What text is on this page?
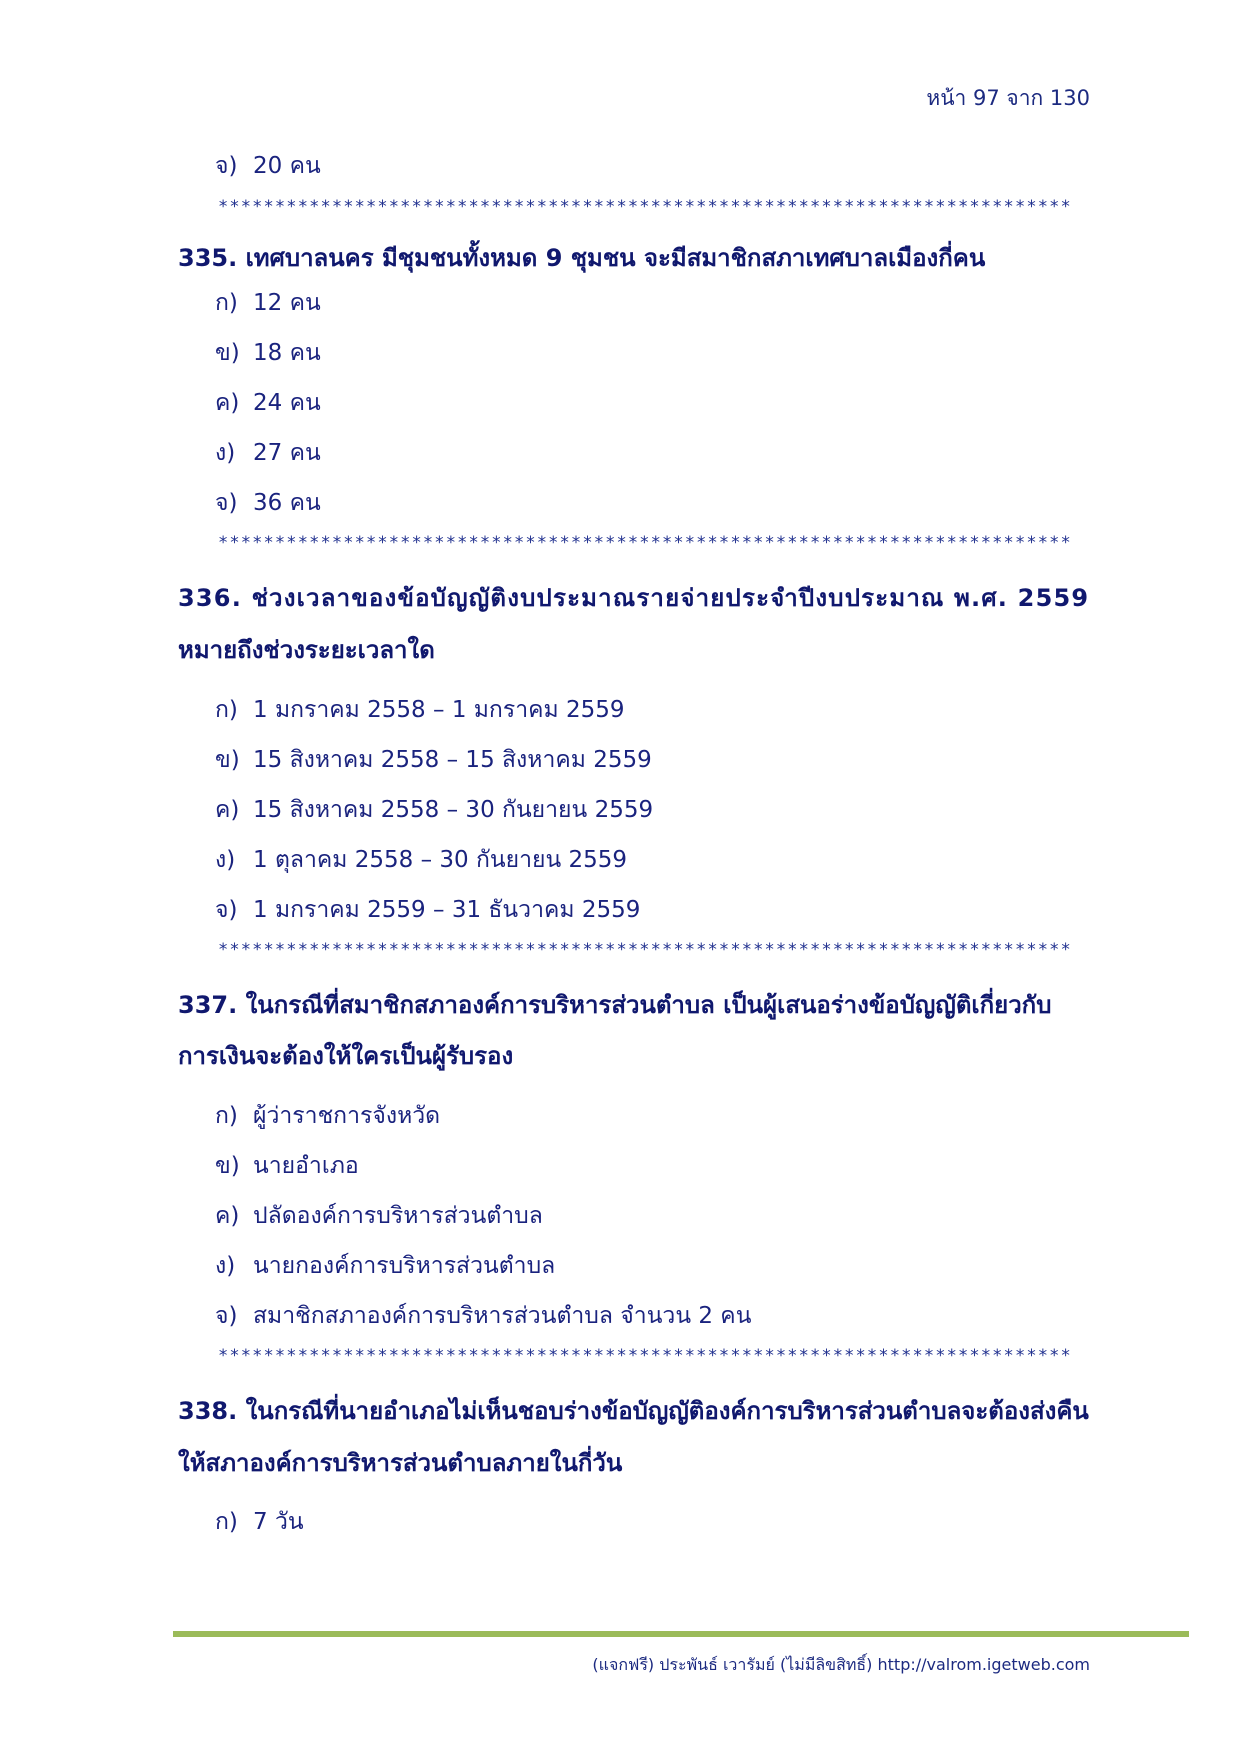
หน้า 97 จาก 130
จ) 20 คน
***************************************************************************
335. เทศบาลนคร มีชุมชนทั้งหมด 9 ชุมชน จะมีสมาชิกสภาเทศบาลเมืองกี่คน
ก) 12 คน
ข) 18 คน
ค) 24 คน
ง) 27 คน
จ) 36 คน
***************************************************************************
336. ช่วงเวลาของข้อบัญญัติงบประมาณรายจ่ายประจำปีงบประมาณ พ.ศ. 2559
หมายถึงช่วงระยะเวลาใด
ก) 1 มกราคม 2558 – 1 มกราคม 2559
ข) 15 สิงหาคม 2558 – 15 สิงหาคม 2559
ค) 15 สิงหาคม 2558 – 30 กันยายน 2559
ง) 1 ตุลาคม 2558 – 30 กันยายน 2559
จ) 1 มกราคม 2559 – 31 ธันวาคม 2559
***************************************************************************
337. ในกรณีที่สมาชิกสภาองค์การบริหารส่วนตำบล เป็นผู้เสนอร่างข้อบัญญัติเกี่ยวกับ
การเงินจะต้องให้ใครเป็นผู้รับรอง
ก) ผู้ว่าราชการจังหวัด
ข) นายอำเภอ
ค) ปลัดองค์การบริหารส่วนตำบล
ง) นายกองค์การบริหารส่วนตำบล
จ) สมาชิกสภาองค์การบริหารส่วนตำบล จำนวน 2 คน
***************************************************************************
338. ในกรณีที่นายอำเภอไม่เห็นชอบร่างข้อบัญญัติองค์การบริหารส่วนตำบลจะต้องส่งคืน
ให้สภาองค์การบริหารส่วนตำบลภายในกี่วัน
ก) 7 วัน
(แจกฟรี) ประพันธ์ เวารัมย์ (ไม่มีลิขสิทธิ์) http://valrom.igetweb.com
